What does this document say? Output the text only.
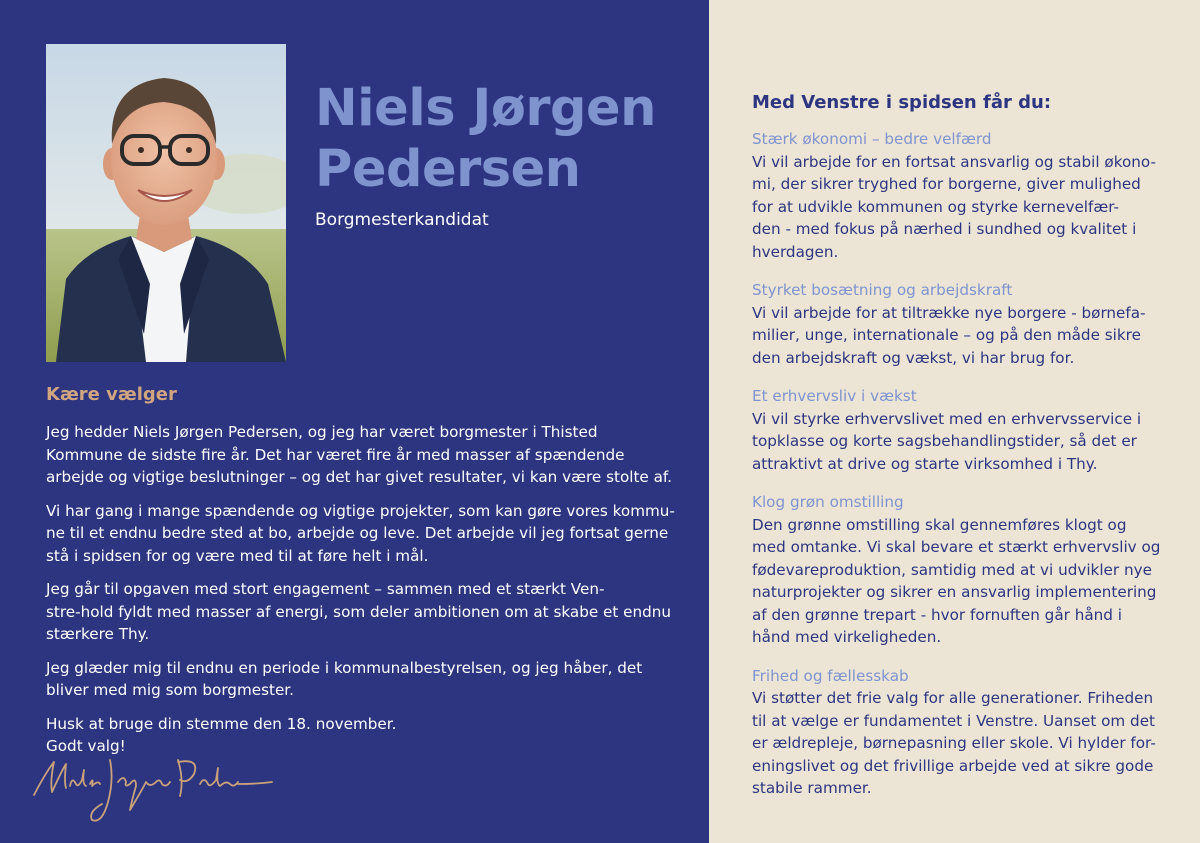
Niels Jørgen
Pedersen
Borgmesterkandidat
Kære vælger

Jeg hedder Niels Jørgen Pedersen, og jeg har været borgmester i Thisted
Kommune de sidste fire år. Det har været fire år med masser af spændende
arbejde og vigtige beslutninger – og det har givet resultater, vi kan være stolte af.

Vi har gang i mange spændende og vigtige projekter, som kan gøre vores kommu-
ne til et endnu bedre sted at bo, arbejde og leve. Det arbejde vil jeg fortsat gerne
stå i spidsen for og være med til at føre helt i mål.

Jeg går til opgaven med stort engagement – sammen med et stærkt Ven-
stre-hold fyldt med masser af energi, som deler ambitionen om at skabe et endnu
stærkere Thy.

Jeg glæder mig til endnu en periode i kommunalbestyrelsen, og jeg håber, det
bliver med mig som borgmester.

Husk at bruge din stemme den 18. november.
Godt valg!

Med Venstre i spidsen får du:
Stærk økonomi – bedre velfærd
Vi vil arbejde for en fortsat ansvarlig og stabil økono-
mi, der sikrer tryghed for borgerne, giver mulighed
for at udvikle kommunen og styrke kernevelfær-
den - med fokus på nærhed i sundhed og kvalitet i
hverdagen.
Styrket bosætning og arbejdskraft
Vi vil arbejde for at tiltrække nye borgere - børnefa-
milier, unge, internationale – og på den måde sikre
den arbejdskraft og vækst, vi har brug for.
Et erhvervsliv i vækst
Vi vil styrke erhvervslivet med en erhvervsservice i
topklasse og korte sagsbehandlingstider, så det er
attraktivt at drive og starte virksomhed i Thy.
Klog grøn omstilling
Den grønne omstilling skal gennemføres klogt og
med omtanke. Vi skal bevare et stærkt erhvervsliv og
fødevareproduktion, samtidig med at vi udvikler nye
naturprojekter og sikrer en ansvarlig implementering
af den grønne trepart - hvor fornuften går hånd i
hånd med virkeligheden.
Frihed og fællesskab
Vi støtter det frie valg for alle generationer. Friheden
til at vælge er fundamentet i Venstre. Uanset om det
er ældrepleje, børnepasning eller skole. Vi hylder for-
eningslivet og det frivillige arbejde ved at sikre gode
stabile rammer.
